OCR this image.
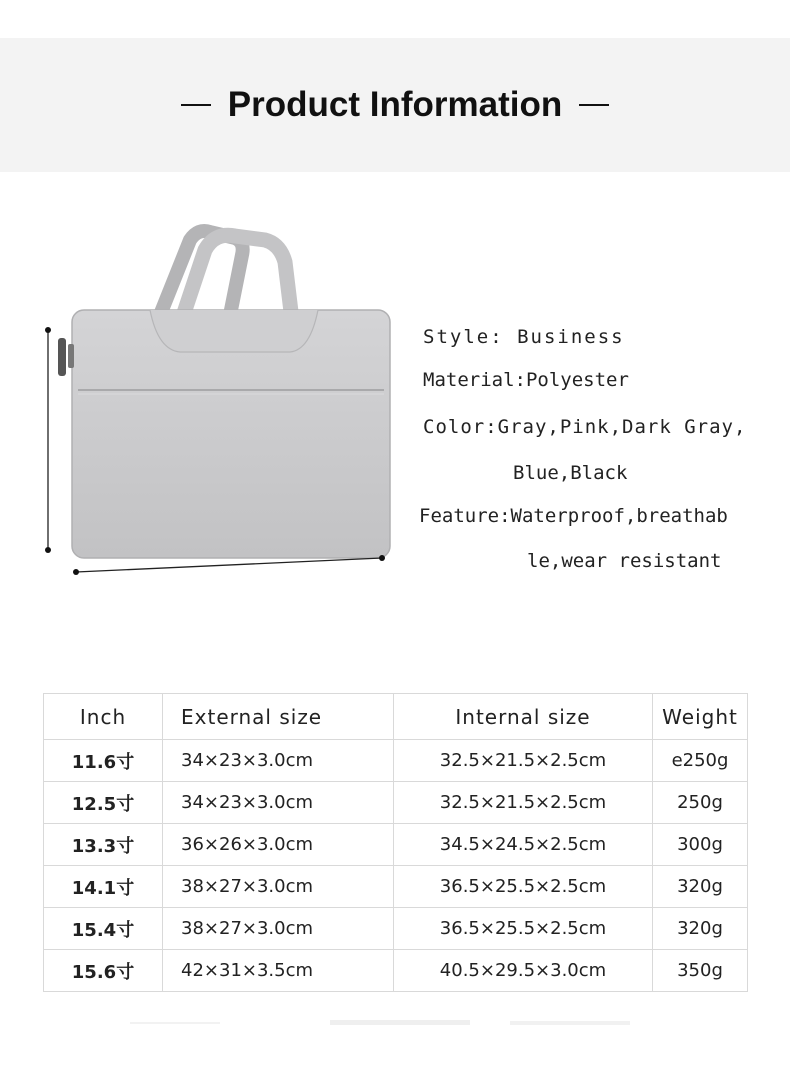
Product Information
Style: Business
Material:Polyester
Color:Gray,Pink,Dark Gray,
Blue,Black
Feature:Waterproof,breathab
le,wear resistant
Inch	External size	Internal size	Weight
11.6寸	34×23×3.0cm	32.5×21.5×2.5cm	e250g
12.5寸	34×23×3.0cm	32.5×21.5×2.5cm	250g
13.3寸	36×26×3.0cm	34.5×24.5×2.5cm	300g
14.1寸	38×27×3.0cm	36.5×25.5×2.5cm	320g
15.4寸	38×27×3.0cm	36.5×25.5×2.5cm	320g
15.6寸	42×31×3.5cm	40.5×29.5×3.0cm	350g
